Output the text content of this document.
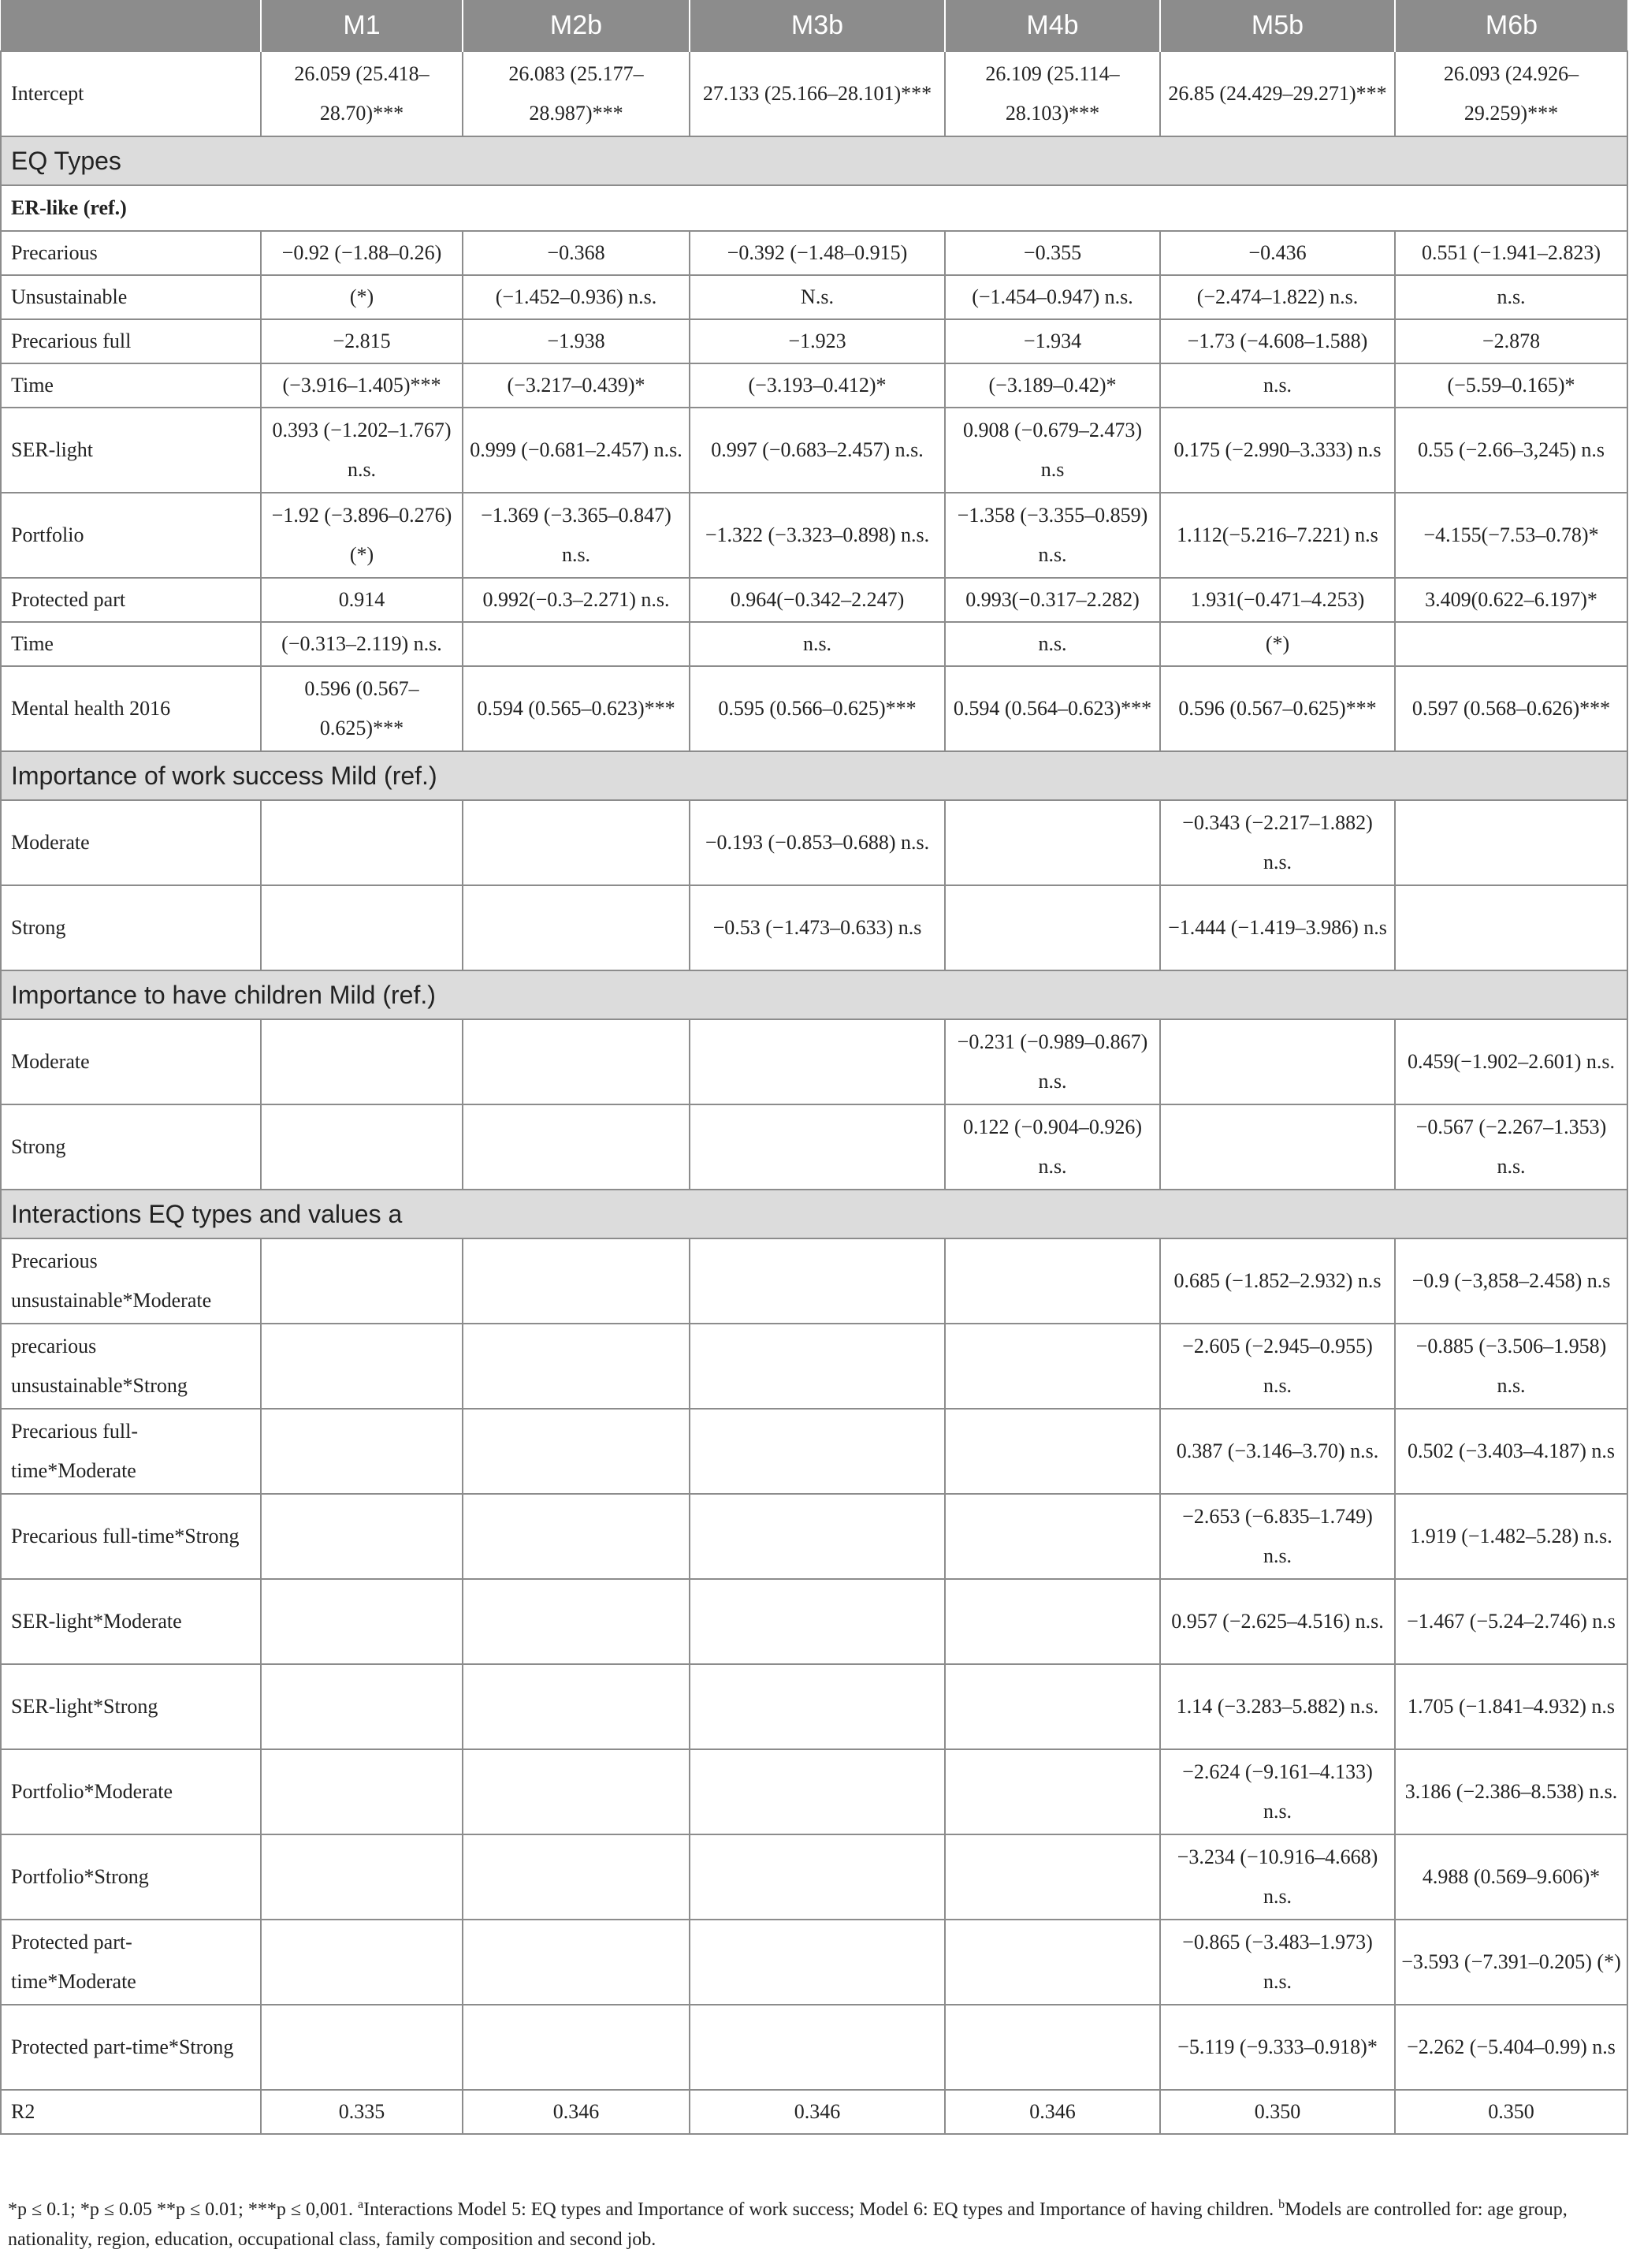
	M1	M2b	M3b	M4b	M5b	M6b
Intercept	26.059 (25.418–28.70)***	26.083 (25.177–28.987)***	27.133 (25.166–28.101)***	26.109 (25.114–28.103)***	26.85 (24.429–29.271)***	26.093 (24.926–29.259)***
EQ Types						
ER-like (ref.)						
Precarious	−0.92 (−1.88–0.26)	−0.368	−0.392 (−1.48–0.915)	−0.355	−0.436	0.551 (−1.941–2.823)
Unsustainable	(*)	(−1.452–0.936) n.s.	N.s.	(−1.454–0.947) n.s.	(−2.474–1.822) n.s.	n.s.
Precarious full	−2.815	−1.938	−1.923	−1.934	−1.73 (−4.608–1.588)	−2.878
Time	(−3.916–1.405)***	(−3.217–0.439)*	(−3.193–0.412)*	(−3.189–0.42)*	n.s.	(−5.59–0.165)*
SER-light	0.393 (−1.202–1.767) n.s.	0.999 (−0.681–2.457) n.s.	0.997 (−0.683–2.457) n.s.	0.908 (−0.679–2.473) n.s	0.175 (−2.990–3.333) n.s	0.55 (−2.66–3,245) n.s
Portfolio	−1.92 (−3.896–0.276)(*)	−1.369 (−3.365–0.847) n.s.	−1.322 (−3.323–0.898) n.s.	−1.358 (−3.355–0.859) n.s.	1.112(−5.216–7.221) n.s	−4.155(−7.53–0.78)*
Protected part	0.914	0.992(−0.3–2.271) n.s.	0.964(−0.342–2.247)	0.993(−0.317–2.282)	1.931(−0.471–4.253)	3.409(0.622–6.197)*
Time	(−0.313–2.119) n.s.		n.s.	n.s.	(*)	
Mental health 2016	0.596 (0.567–0.625)***	0.594 (0.565–0.623)***	0.595 (0.566–0.625)***	0.594 (0.564–0.623)***	0.596 (0.567–0.625)***	0.597 (0.568–0.626)***
Importance of work success Mild (ref.)						
Moderate			−0.193 (−0.853–0.688) n.s.		−0.343 (−2.217–1.882) n.s.	
Strong			−0.53 (−1.473–0.633) n.s		−1.444 (−1.419–3.986) n.s	
Importance to have children Mild (ref.)						
Moderate				−0.231 (−0.989–0.867) n.s.		0.459(−1.902–2.601) n.s.
Strong				0.122 (−0.904–0.926) n.s.		−0.567 (−2.267–1.353) n.s.
Interactions EQ types and values a						
Precarious unsustainable*Moderate					0.685 (−1.852–2.932) n.s	−0.9 (−3,858–2.458) n.s
precarious unsustainable*Strong					−2.605 (−2.945–0.955) n.s.	−0.885 (−3.506–1.958) n.s.
Precarious full-time*Moderate					0.387 (−3.146–3.70) n.s.	0.502 (−3.403–4.187) n.s
Precarious full-time*Strong					−2.653 (−6.835–1.749) n.s.	1.919 (−1.482–5.28) n.s.
SER-light*Moderate					0.957 (−2.625–4.516) n.s.	−1.467 (−5.24–2.746) n.s
SER-light*Strong					1.14 (−3.283–5.882) n.s.	1.705 (−1.841–4.932) n.s
Portfolio*Moderate					−2.624 (−9.161–4.133) n.s.	3.186 (−2.386–8.538) n.s.
Portfolio*Strong					−3.234 (−10.916–4.668) n.s.	4.988 (0.569–9.606)*
Protected part-time*Moderate					−0.865 (−3.483–1.973) n.s.	−3.593 (−7.391–0.205) (*)
Protected part-time*Strong					−5.119 (−9.333–0.918)*	−2.262 (−5.404–0.99) n.s
R2	0.335	0.346	0.346	0.346	0.350	0.350
*p ≤ 0.1; *p ≤ 0.05 **p ≤ 0.01; ***p ≤ 0,001. $^a$Interactions Model 5: EQ types and Importance of work success; Model 6: EQ types and Importance of having children. $^b$Models are controlled for: age group, nationality, region, education, occupational class, family composition and second job.
